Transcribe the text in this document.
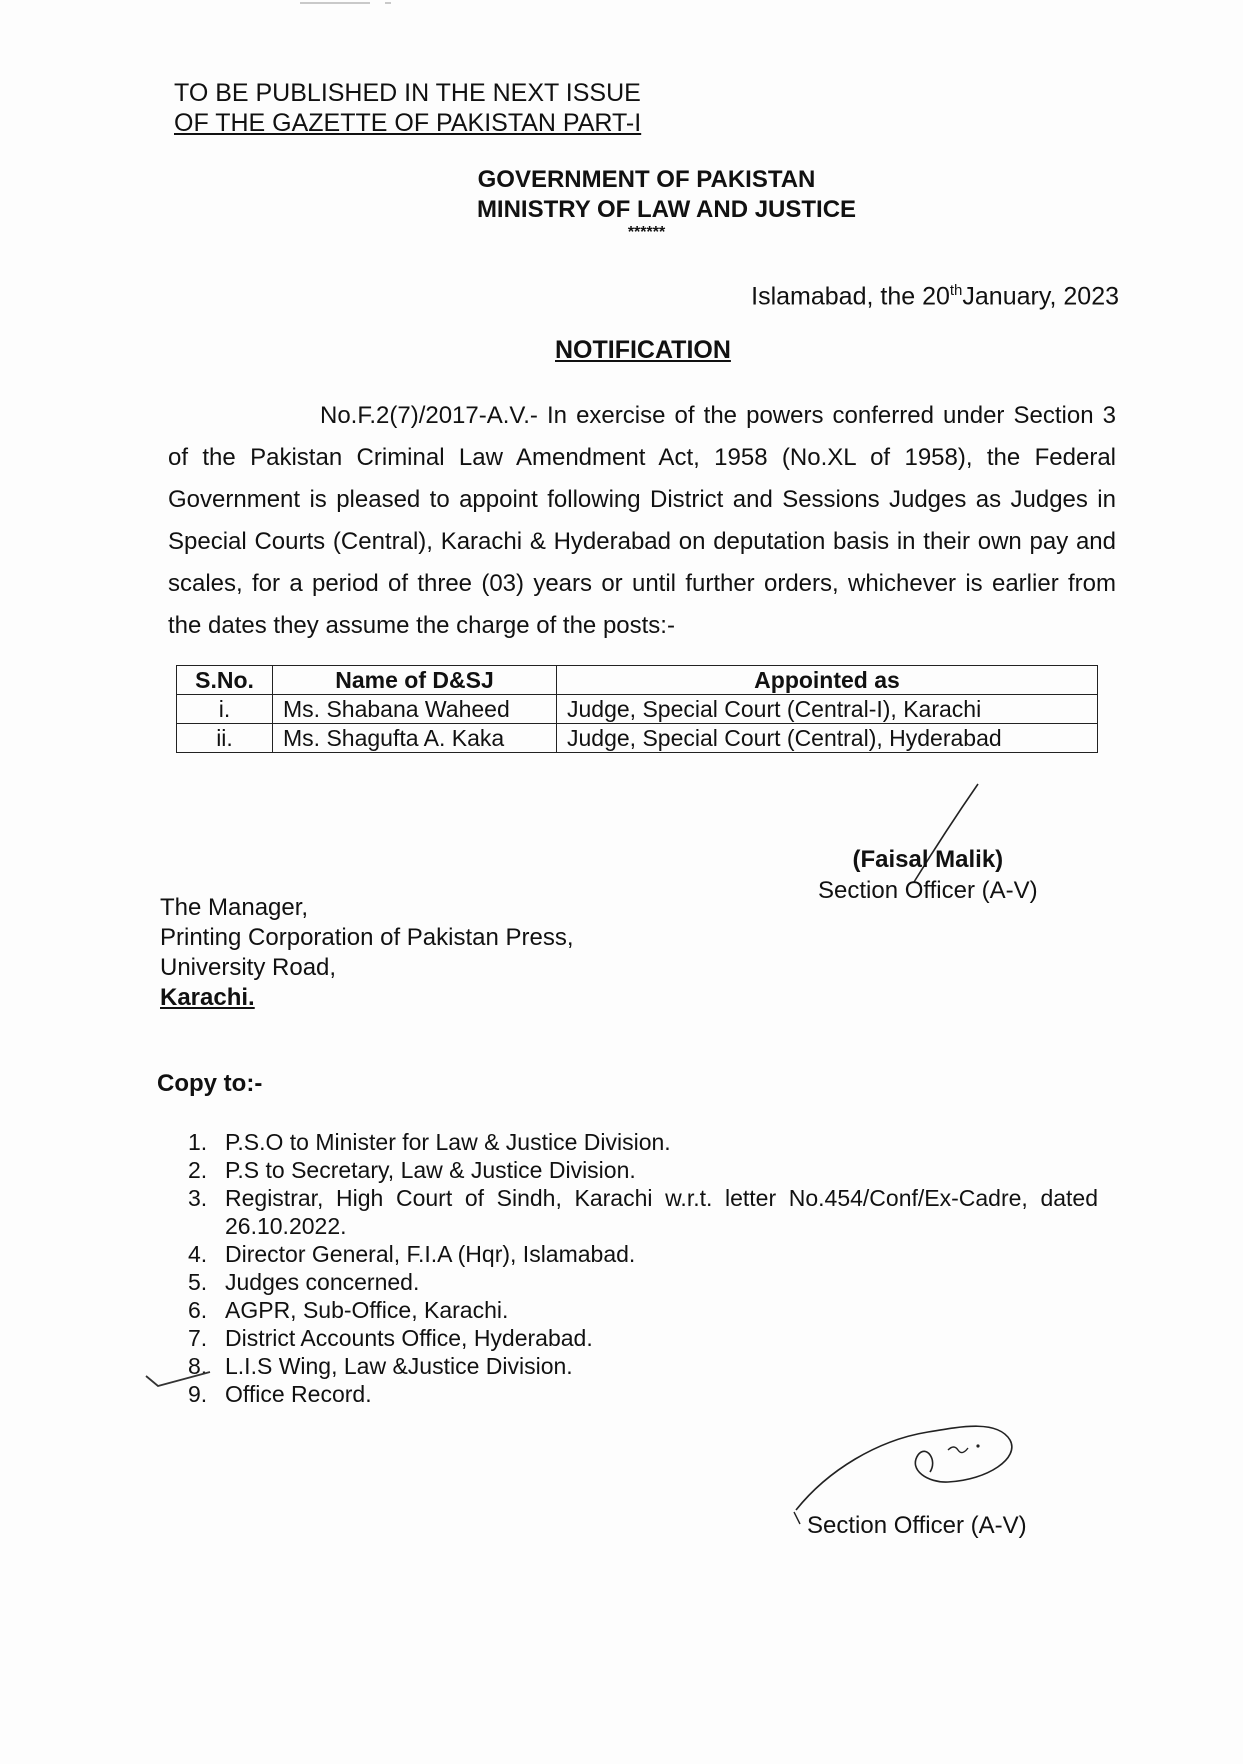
TO BE PUBLISHED IN THE NEXT ISSUE
OF THE GAZETTE OF PAKISTAN PART-I
GOVERNMENT OF PAKISTAN
MINISTRY OF LAW AND JUSTICE
******
Islamabad, the 20thJanuary, 2023
NOTIFICATION
No.F.2(7)/2017-A.V.- In exercise of the powers conferred under Section 3 of the Pakistan Criminal Law Amendment Act, 1958 (No.XL of 1958), the Federal Government is pleased to appoint following District and Sessions Judges as Judges in Special Courts (Central), Karachi & Hyderabad on deputation basis in their own pay and scales, for a period of three (03) years or until further orders, whichever is earlier from the dates they assume the charge of the posts:-
S.No.	Name of D&SJ	Appointed as
i.	Ms. Shabana Waheed	Judge, Special Court (Central-I), Karachi
ii.	Ms. Shagufta A. Kaka	Judge, Special Court (Central), Hyderabad
(Faisal Malik)
Section Officer (A-V)
The Manager,
Printing Corporation of Pakistan Press,
University Road,
Karachi.
Copy to:-
1. P.S.O to Minister for Law & Justice Division.
2. P.S to Secretary, Law & Justice Division.
3. Registrar, High Court of Sindh, Karachi w.r.t. letter No.454/Conf/Ex-Cadre, dated 26.10.2022.
4. Director General, F.I.A (Hqr), Islamabad.
5. Judges concerned.
6. AGPR, Sub-Office, Karachi.
7. District Accounts Office, Hyderabad.
8. L.I.S Wing, Law &Justice Division.
9. Office Record.
Section Officer (A-V)
